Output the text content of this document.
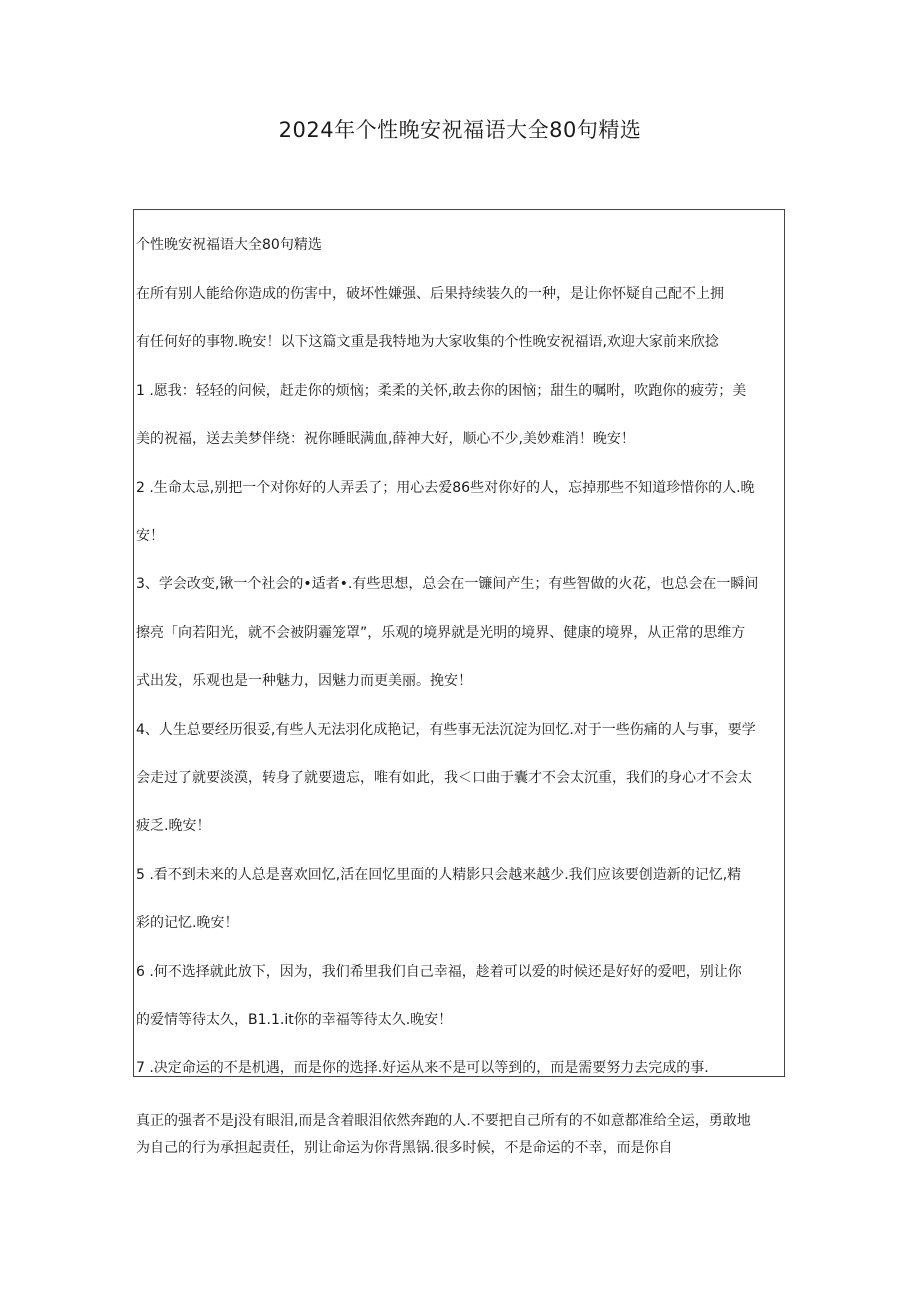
2024年个性晚安祝福语大全80句精选
个性晚安祝福语大全80句精选
在所有别人能给你造成的伤害中，破坏性嫌强、后果持续装久的一种，是让你怀疑自己配不上拥
有任何好的事物.晚安！以下这篇文重是我特地为大家收集的个性晚安祝福语,欢迎大家前来欣捻
1 .愿我：轻轻的问候，赶走你的烦恼；柔柔的关怀,敢去你的困恼；甜生的嘱咐，吹跑你的疲劳；美
美的祝福，送去美梦伴绕：祝你睡眠满血,薛神大好，顺心不少,美妙难消！晚安！
2 .生命太忌,别把一个对你好的人弄丢了；用心去爱86些对你好的人，忘掉那些不知道珍惜你的人.晚
安！
3、学会改变,锹一个社会的•适者•.有些思想，总会在一镰间产生；有些智做的火花，也总会在一瞬间
擦亮「向若阳光，就不会被阴霾笼罩”，乐观的境界就是光明的境界、健康的境界，从正常的思维方
式出发，乐观也是一种魅力，因魅力而更美丽。挽安！
4、人生总要经历很妥,有些人无法羽化成艳记，有些事无法沉淀为回忆.对于一些伤痛的人与事，要学
会走过了就要淡漠，转身了就要遗忘，唯有如此，我＜口曲于囊才不会太沉重，我们的身心才不会太
疲乏.晚安！
5 .看不到未来的人总是喜欢回忆,活在回忆里面的人精影只会越来越少.我们应该要创造新的记忆,精
彩的记忆.晚安！
6 .何不选择就此放下，因为，我们希里我们自己幸福，趁着可以爱的时候还是好好的爱吧，别让你
的爱情等待太久，B1.1.it你的幸福等待太久.晚安！
7 .决定命运的不是机遇，而是你的选择.好运从来不是可以等到的，而是需要努力去完成的事.
真正的强者不是j没有眼泪,而是含着眼泪依然奔跑的人.不要把自己所有的不如意都准给全运，勇敢地
为自己的行为承担起责任，别让命运为你背黑锅.很多时候，不是命运的不幸，而是你自
